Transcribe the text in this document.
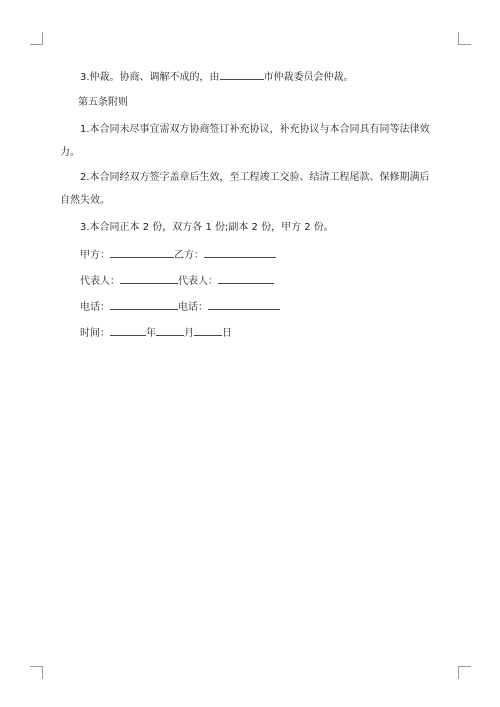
3.仲裁。协商、调解不成的，由	市仲裁委员会仲裁。
第五条附则
1.本合同未尽事宜需双方协商签订补充协议，补充协议与本合同具有同等法律效
力。
2.本合同经双方签字盖章后生效，至工程竣工交验、结清工程尾款、保修期满后
自然失效。
3.本合同正本 2 份，双方各 1 份;副本 2 份，甲方 2 份。
甲方：	乙方：
代表人：	代表人：
电话：	电话：
时间：	年	月	日
